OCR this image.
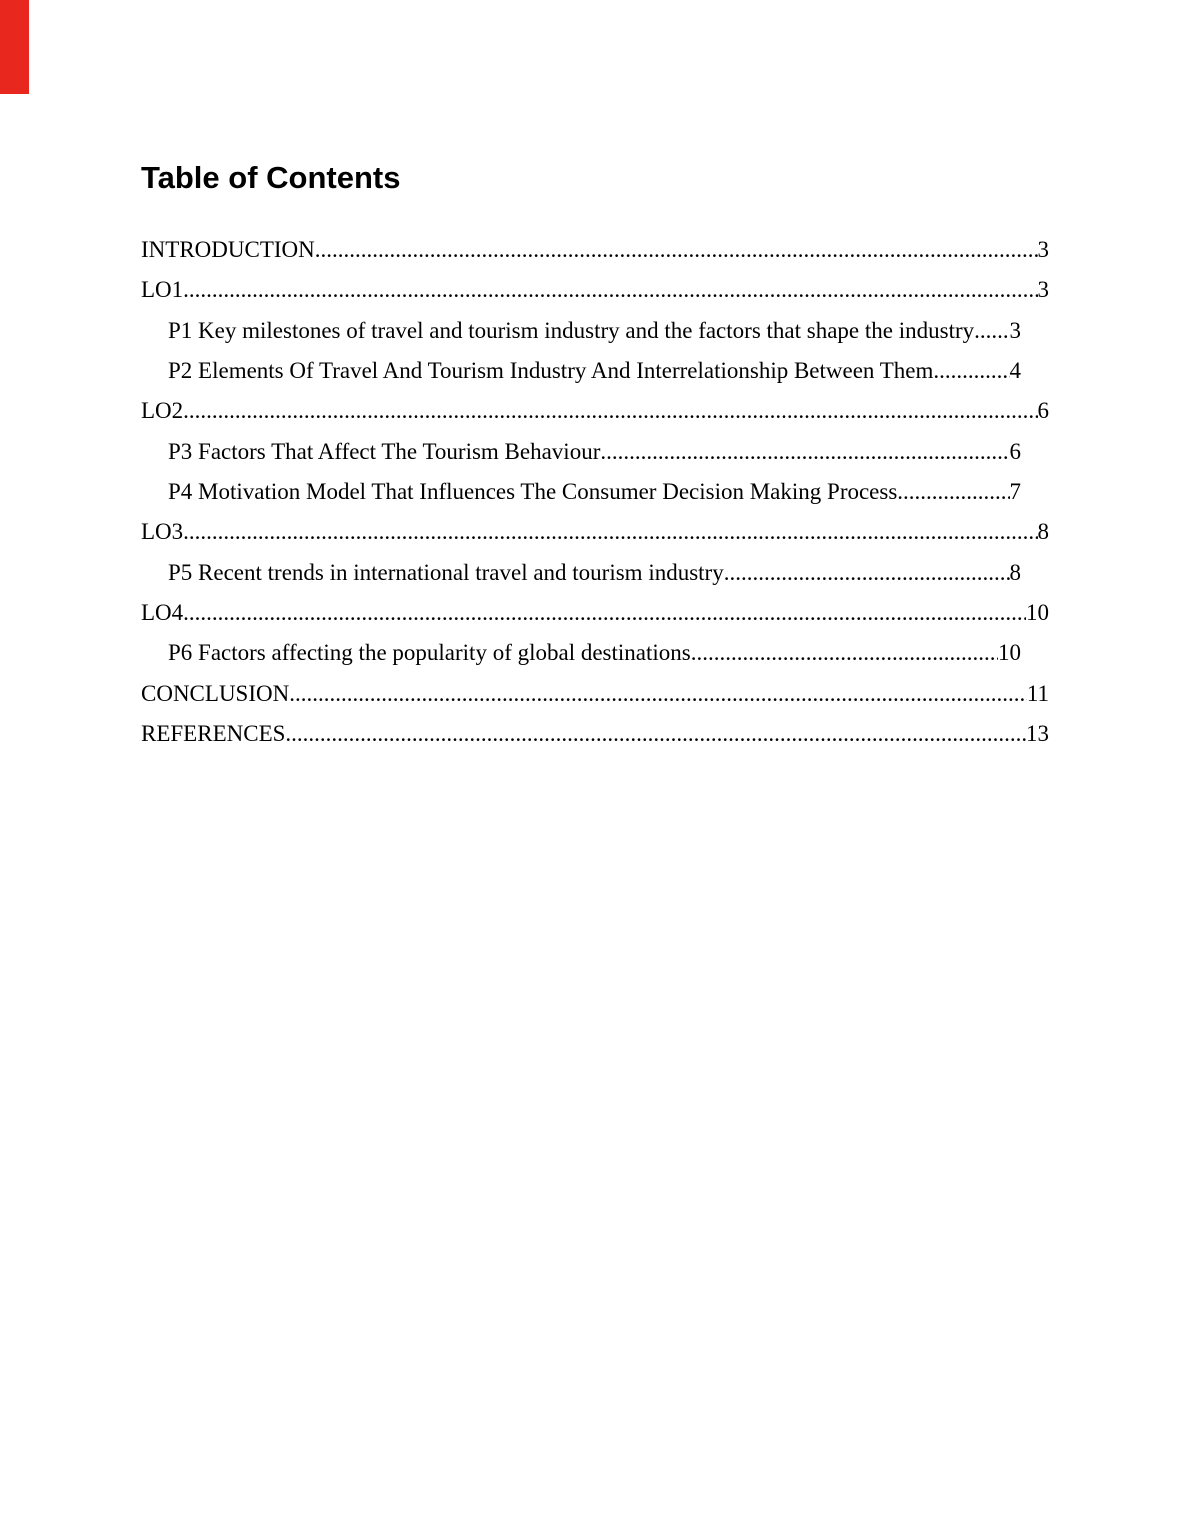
Table of Contents
INTRODUCTION .....	3
LO1 .....	3
P1 Key milestones of travel and tourism industry and the factors that shape the industry ..... 3
P2 Elements Of Travel And Tourism Industry And Interrelationship Between Them .....	4
LO2 .....	6
P3 Factors That Affect The Tourism Behaviour .....	6
P4 Motivation Model That Influences The Consumer Decision Making Process .....	7
LO3 .....	8
P5 Recent trends in international travel and tourism industry .....	8
LO4 .....	10
P6 Factors affecting the popularity of global destinations .....	10
CONCLUSION .....	11
REFERENCES .....	13
